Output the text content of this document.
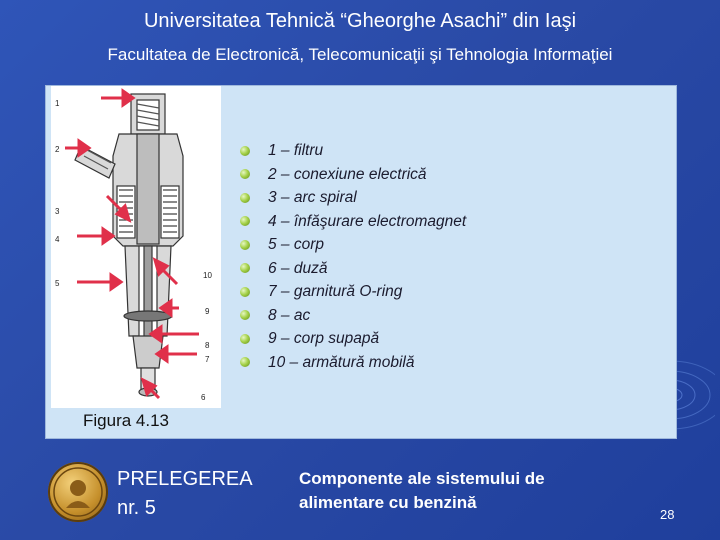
Universitatea Tehnică “Gheorghe Asachi” din Iaşi
Facultatea de Electronică, Telecomunicaţii şi Tehnologia Informaţiei
1
2
3
4
5
10
9
8
7
6
1 – filtru
2 – conexiune electrică
3 – arc spiral
4 – înfăşurare electromagnet
5 – corp
6 – duză
7 – garnitură O-ring
8 – ac
9 – corp supapă
10 – armătură mobilă
Figura 4.13
PRELEGEREA
nr. 5
Componente ale sistemului de
alimentare cu benzină
28
